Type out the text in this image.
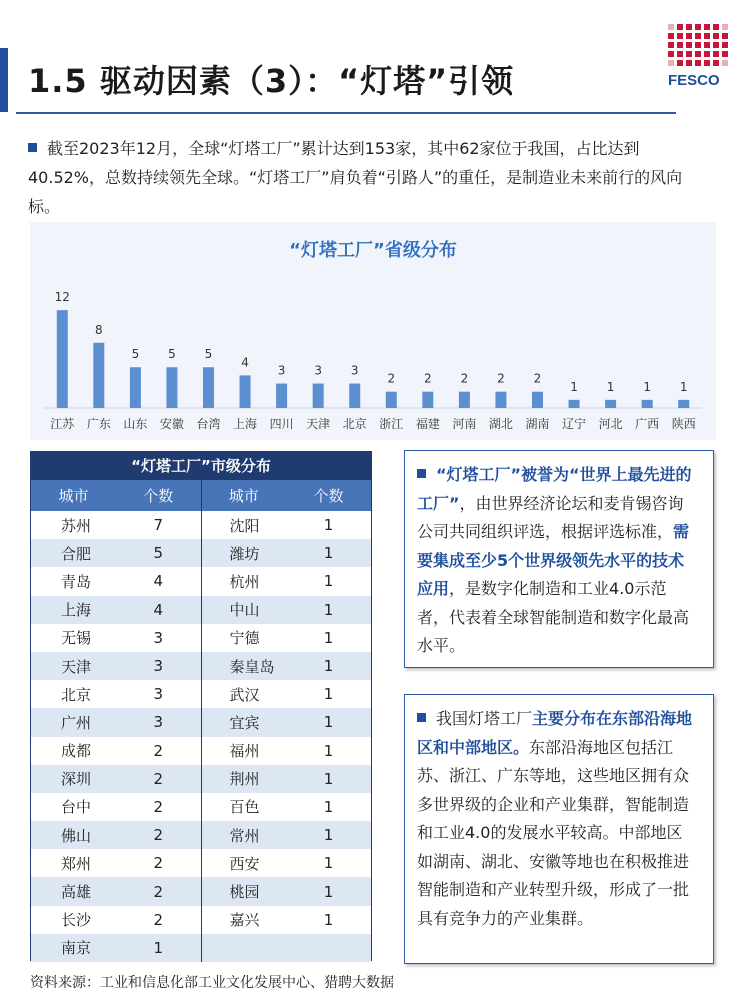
1.5 驱动因素（3）：“灯塔”引领	FESCO
截至2023年12月，全球“灯塔工厂”累计达到153家，其中62家位于我国，占比达到40.52%，总数持续领先全球。“灯塔工厂”肩负着“引路人”的重任，是制造业未来前行的风向标。
“灯塔工厂”省级分布
12
江苏
8
广东
5
山东
5
安徽
5
台湾
4
上海
3
四川
3
天津
3
北京
2
浙江
2
福建
2
河南
2
湖北
2
湖南
1
辽宁
1
河北
1
广西
1
陕西
“灯塔工厂”市级分布
城市	个数	城市	个数
苏州	7	沈阳	1
合肥	5	潍坊	1
青岛	4	杭州	1
上海	4	中山	1
无锡	3	宁德	1
天津	3	秦皇岛	1
北京	3	武汉	1
广州	3	宜宾	1
成都	2	福州	1
深圳	2	荆州	1
台中	2	百色	1
佛山	2	常州	1
郑州	2	西安	1
高雄	2	桃园	1
长沙	2	嘉兴	1
南京	1		
“灯塔工厂”被誉为“世界上最先进的工厂”，由世界经济论坛和麦肯锡咨询公司共同组织评选，根据评选标准，需要集成至少5个世界级领先水平的技术应用，是数字化制造和工业4.0示范者，代表着全球智能制造和数字化最高水平。
我国灯塔工厂主要分布在东部沿海地区和中部地区。东部沿海地区包括江苏、浙江、广东等地，这些地区拥有众多世界级的企业和产业集群，智能制造和工业4.0的发展水平较高。中部地区如湖南、湖北、安徽等地也在积极推进智能制造和产业转型升级，形成了一批具有竞争力的产业集群。
资料来源：工业和信息化部工业文化发展中心、猎聘大数据
